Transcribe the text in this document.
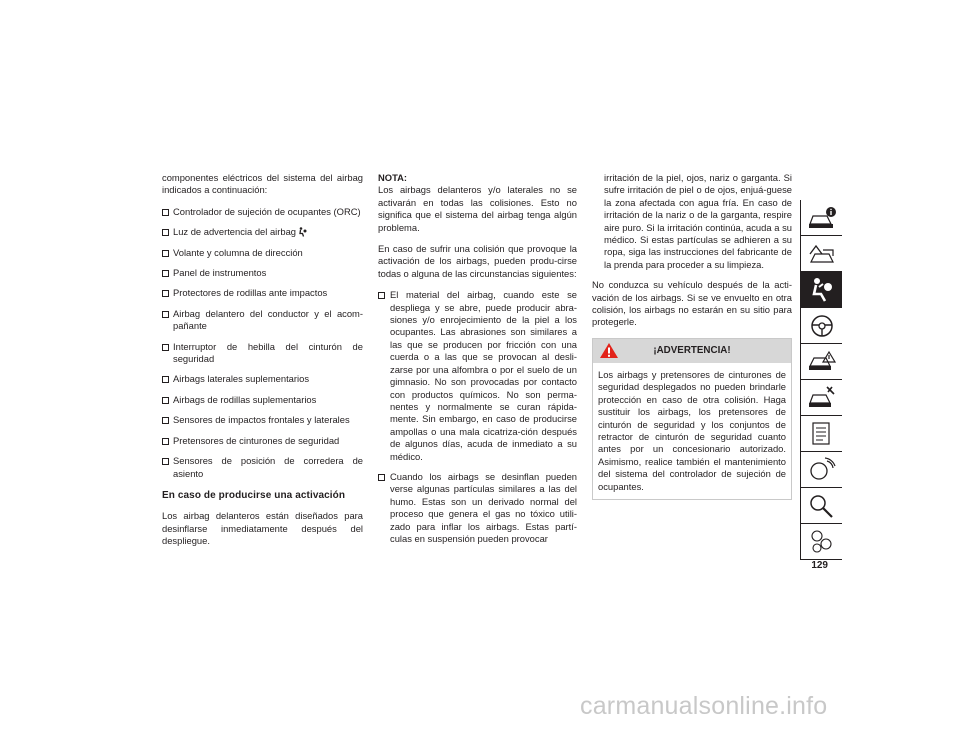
componentes eléctricos del sistema del airbag indicados a continuación:

Controlador de sujeción de ocupantes (ORC)
Luz de advertencia del airbag
Volante y columna de dirección
Panel de instrumentos
Protectores de rodillas ante impactos
Airbag delantero del conductor y el acom-pañante
Interruptor de hebilla del cinturón de seguridad
Airbags laterales suplementarios
Airbags de rodillas suplementarios
Sensores de impactos frontales y laterales
Pretensores de cinturones de seguridad
Sensores de posición de corredera de asiento
En caso de producirse una activación

Los airbag delanteros están diseñados para desinflarse inmediatamente después del despliegue.

NOTA:

Los airbags delanteros y/o laterales no se activarán en todas las colisiones. Esto no significa que el sistema del airbag tenga algún problema.

En caso de sufrir una colisión que provoque la activación de los airbags, pueden produ-cirse todas o alguna de las circunstancias siguientes:

El material del airbag, cuando este se despliega y se abre, puede producir abra-siones y/o enrojecimiento de la piel a los ocupantes. Las abrasiones son similares a las que se producen por fricción con una cuerda o a las que se provocan al desli-zarse por una alfombra o por el suelo de un gimnasio. No son provocadas por contacto con productos químicos. No son perma-nentes y normalmente se curan rápida-mente. Sin embargo, en caso de producirse ampollas o una mala cicatriza-ción después de algunos días, acuda de inmediato a su médico.
Cuando los airbags se desinflan pueden verse algunas partículas similares a las del humo. Estas son un derivado normal del proceso que genera el gas no tóxico utili-zado para inflar los airbags. Estas partí-culas en suspensión pueden provocar

irritación de la piel, ojos, nariz o garganta. Si sufre irritación de piel o de ojos, enjuá-guese la zona afectada con agua fría. En caso de irritación de la nariz o de la garganta, respire aire puro. Si la irritación continúa, acuda a su médico. Si estas partículas se adhieren a su ropa, siga las instrucciones del fabricante de la prenda para proceder a su limpieza.

No conduzca su vehículo después de la acti-vación de los airbags. Si se ve envuelto en otra colisión, los airbags no estarán en su sitio para protegerle.

¡ADVERTENCIA!
Los airbags y pretensores de cinturones de seguridad desplegados no pueden brindarle protección en caso de otra colisión. Haga sustituir los airbags, los pretensores de cinturón de seguridad y los conjuntos de retractor de cinturón de seguridad cuanto antes por un concesionario autorizado. Asimismo, realice también el mantenimiento del sistema del controlador de sujeción de ocupantes.
129
carmanualsonline.info
